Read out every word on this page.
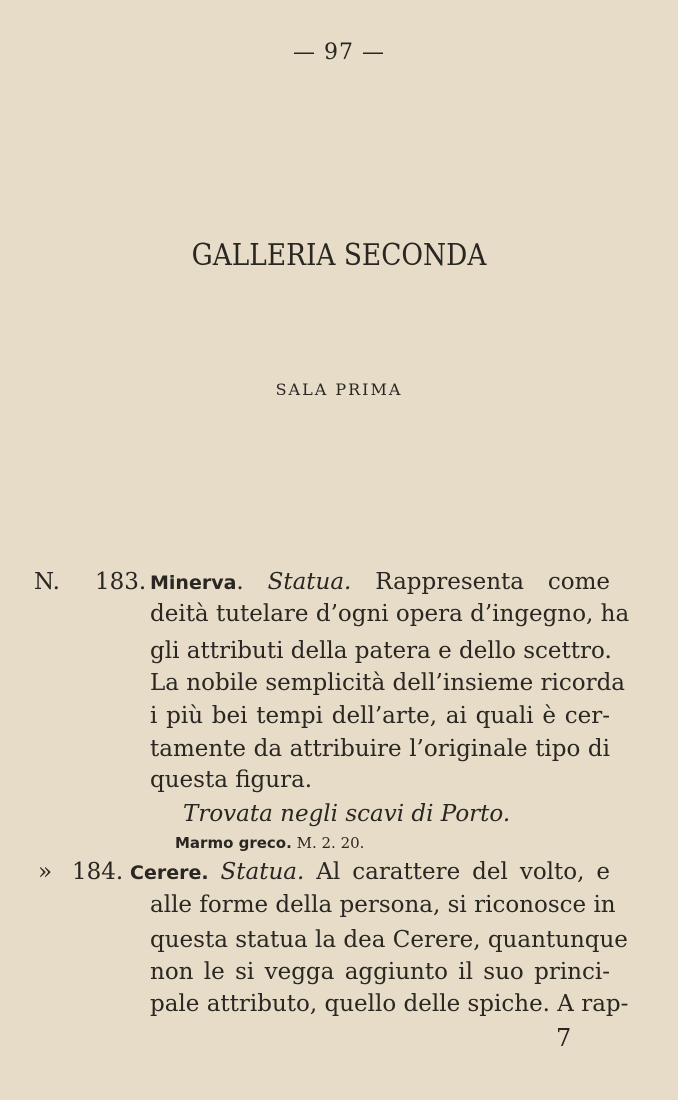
— 97 —
GALLERIA SECONDA
SALA PRIMA
N. 183. Minerva. Statua. Rappresenta come
deità tutelare d’ogni opera d’ingegno, ha
gli attributi della patera e dello scettro.
La nobile semplicità dell’insieme ricorda
i più bei tempi dell’arte, ai quali è cer-
tamente da attribuire l’originale tipo di
questa figura.
Trovata negli scavi di Porto.
Marmo greco. M. 2. 20.
» 184. Cerere. Statua. Al carattere del volto, e
alle forme della persona, si riconosce in
questa statua la dea Cerere, quantunque
non le si vegga aggiunto il suo princi-
pale attributo, quello delle spiche. A rap-
7
